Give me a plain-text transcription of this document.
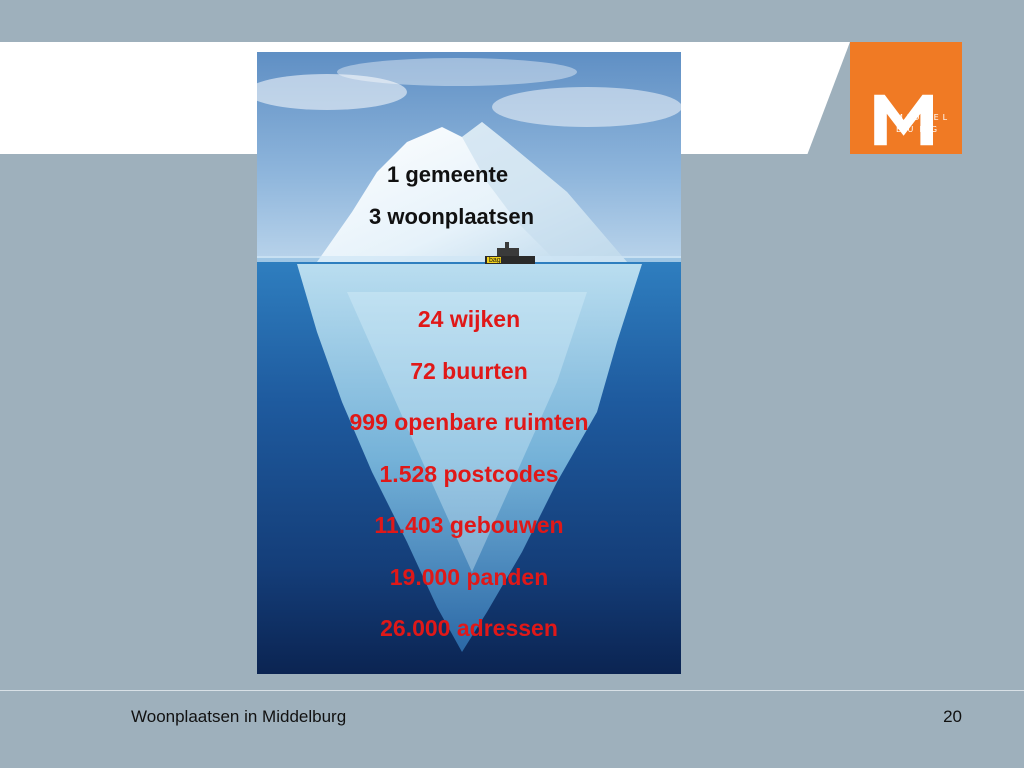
MIDDEL
BURG
1 gemeente
3 woonplaatsen
bag
24 wijken
72 buurten
999 openbare ruimten
1.528 postcodes
11.403 gebouwen
19.000 panden
26.000 adressen
Woonplaatsen in Middelburg	20
